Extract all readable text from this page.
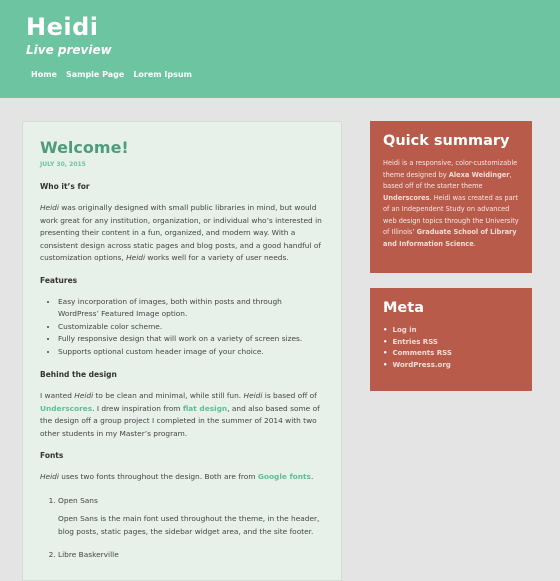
Heidi
Live preview
Home Sample Page Lorem Ipsum
Welcome!
JULY 30, 2015
Who it’s for

Heidi was originally designed with small public libraries in mind, but would work great for any institution, organization, or individual who’s interested in presenting their content in a fun, organized, and modern way. With a consistent design across static pages and blog posts, and a good handful of customization options, Heidi works well for a variety of user needs.

Features
• Easy incorporation of images, both within posts and through WordPress’ Featured Image option.
• Customizable color scheme.
• Fully responsive design that will work on a variety of screen sizes.
• Supports optional custom header image of your choice.
Behind the design

I wanted Heidi to be clean and minimal, while still fun. Heidi is based off of Underscores. I drew inspiration from flat design, and also based some of the design off a group project I completed in the summer of 2014 with two other students in my Master’s program.

Fonts

Heidi uses two fonts throughout the design. Both are from Google fonts.

1. Open Sans
Open Sans is the main font used throughout the theme, in the header, blog posts, static pages, the sidebar widget area, and the site footer.
2. Libre Baskerville
Quick summary

Heidi is a responsive, color-customizable theme designed by Alexa Weidinger, based off of the starter theme Underscores. Heidi was created as part of an Independent Study on advanced web design topics through the University of Illinois’ Graduate School of Library and Information Science.

Meta
• Log in
• Entries RSS
• Comments RSS
• WordPress.org
